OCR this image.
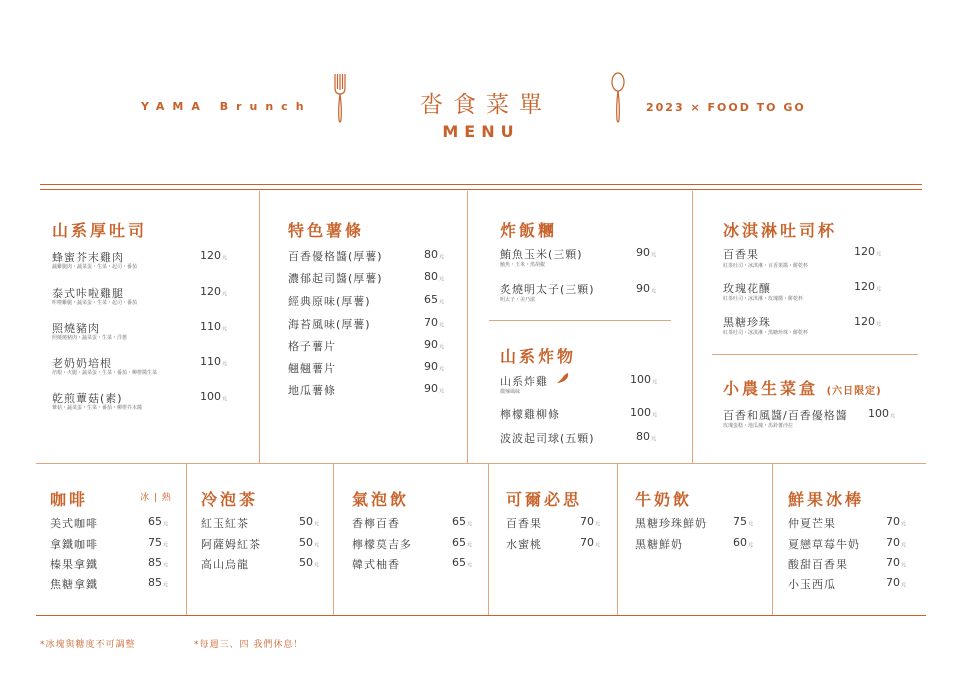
YAMA Brunch	沓食菜單
MENU
2023 × FOOD TO GO
山系厚吐司
蜂蜜芥末雞肉	120元
蔬雞腿肉・蔬菜蛋・生菜・起司・番茄
泰式咔啦雞腿	120元
咔啦雞腿・蔬菜蛋・生菜・起司・番茄
照燒豬肉	110元
照燒燒豬肉・蔬菜蛋・生菜・洋蔥
老奶奶培根	110元
培根・火腿・蔬菜蛋・生菜・番茄・柳橙醬生菜
乾煎蕈菇(素)	100元
蕈菇・蔬菜蛋・生菜・番茄・柳橙芥末醬
特色薯條
百香優格醬(厚薯)	80元
濃郁起司醬(厚薯)	80元
經典原味(厚薯)	65元
海苔風味(厚薯)	70元
格子薯片	90元
翹翹薯片	90元
地瓜薯條	90元
炸飯糰
鮪魚玉米(三顆)	90元
鮪魚・玉米・黑胡椒
炙燒明太子(三顆)	90元
明太子・美乃滋
山系炸物
山系炸雞	100元
微辣風味
檸檬雞柳條	100元
波波起司球(五顆)	80元
冰淇淋吐司杯
百香果	120元
紅茶吐司・冰淇淋・百香果醬・餅乾杯
玫瑰花釀	120元
紅茶吐司・冰淇淋・玫瑰醬・餅乾杯
黑糖珍珠	120元
紅茶吐司・冰淇淋・黑糖珍珠・餅乾杯
小農生菜盒 (六日限定)
百香和風醬/百香優格醬 100元
玫瑰蛋糕・地瓜塊・馬鈴薯沙拉
咖啡	冰 | 熱
美式咖啡	65元
拿鐵咖啡	75元
榛果拿鐵	85元
焦糖拿鐵	85元
冷泡茶
紅玉紅茶	50元
阿薩姆紅茶	50元
高山烏龍	50元
氣泡飲
香檸百香	65元
檸檬莫吉多	65元
韓式柚香	65元
可爾必思
百香果	70元
水蜜桃	70元
牛奶飲
黑糖珍珠鮮奶 75元
黑糖鮮奶	60元
鮮果冰棒
仲夏芒果	70元
夏戀草莓牛奶 70元
酸甜百香果	70元
小玉西瓜	70元
*冰塊與糖度不可調整	*每週三、四 我們休息！
